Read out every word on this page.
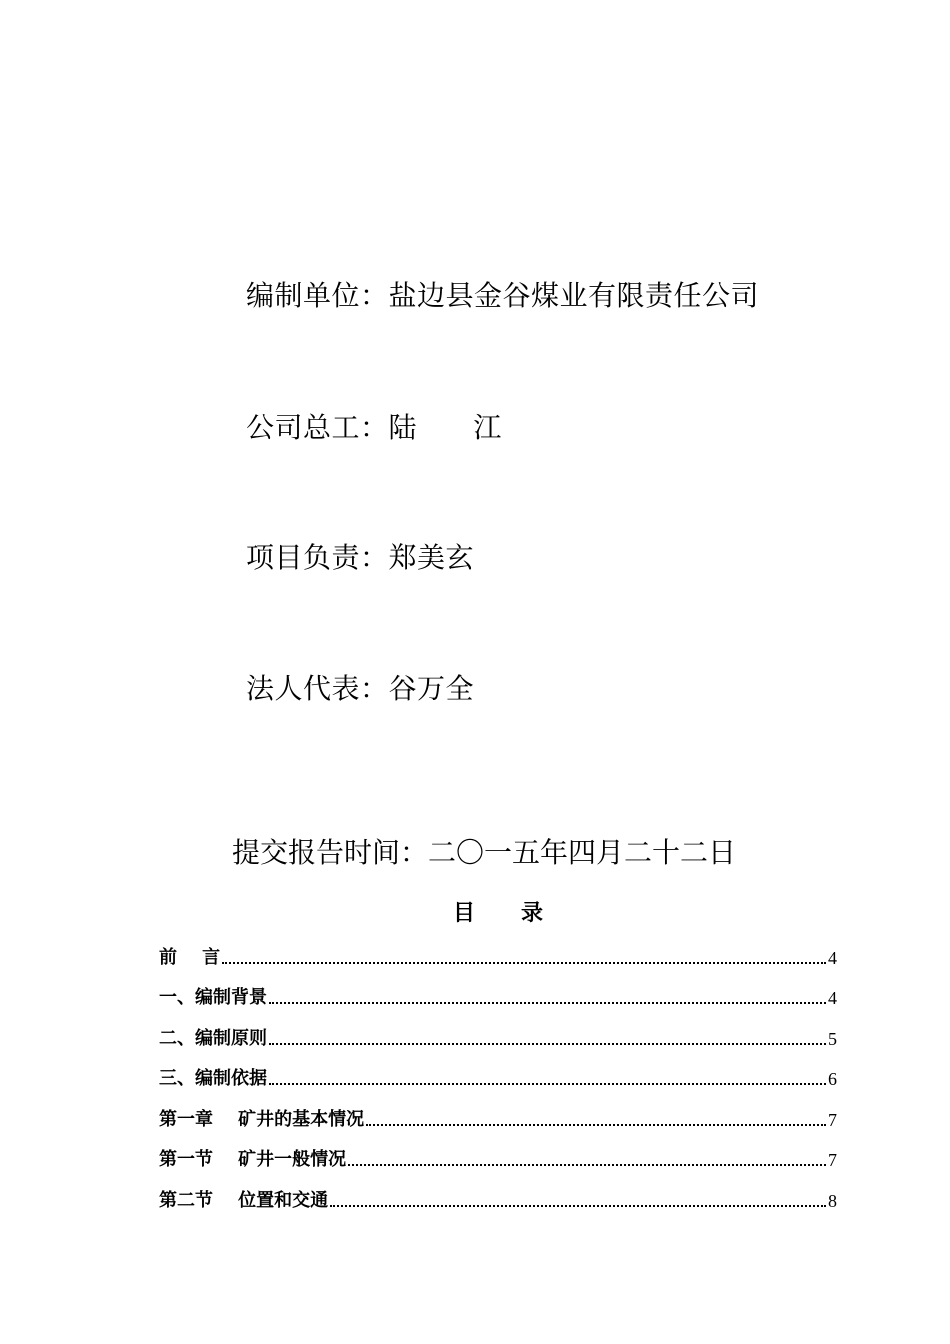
编制单位：盐边县金谷煤业有限责任公司
公司总工：陆      江
项目负责：郑美玄
法人代表：谷万全
提交报告时间：二〇一五年四月二十二日
目      录
前    言	4
一、编制背景	4
二、编制原则	5
三、编制依据	6
第一章    矿井的基本情况	7
第一节    矿井一般情况	7
第二节    位置和交通	8
